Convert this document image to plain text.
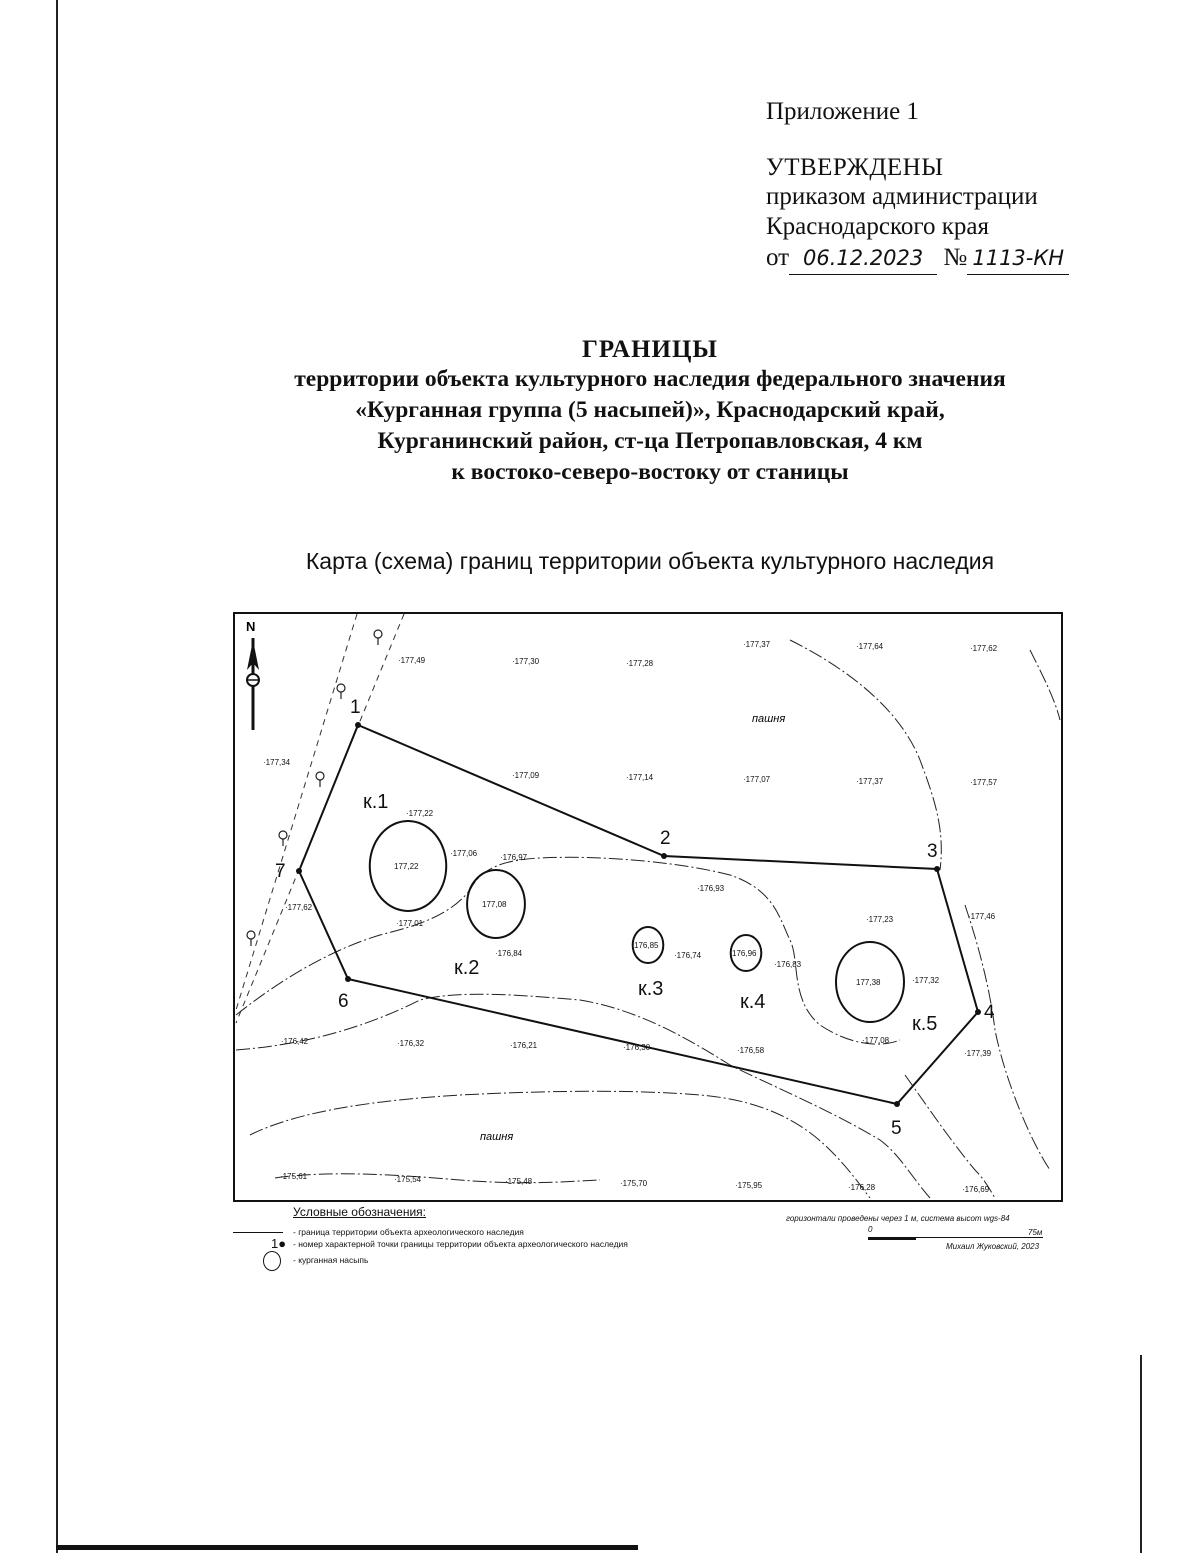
Приложение 1
УТВЕРЖДЕНЫ
приказом администрации
Краснодарского края
от 06.12.2023 № 1113-КН
ГРАНИЦЫ
территории объекта культурного наследия федерального значения
«Курганная группа (5 насыпей)», Краснодарский край,
Курганинский район, ст-ца Петропавловская, 4 км
к востоко-северо-востоку от станицы
Карта (схема) границ территории объекта культурного наследия
1
2
3
4
5
6
7	177,22
к.1
177,08
к.2
176,85
к.3
176,96
к.4
177,38
к.5
·177,49	·177,30	·177,28
·177,37	·177,64	·177,62
·177,34
·177,09	·177,14	·177,07	·177,37	·177,57
·177,22
·177,06	·176,97
·176,93
·177,62
·177,01
·176,84	·176,74
·176,83
·177,23	·177,46
·177,32
·177,08
·177,39
·176,42	·176,32	·176,21	·176,30	·176,58
·175,61	·175,54	·175,48	·175,70	·175,95	·176,28	·176,69
N
пашня
пашня
Условные обозначения:
- граница территории объекта археологического наследия
1● - номер характерной точки границы территории объекта археологического наследия
- курганная насыпь
горизонтали проведены через 1 м, система высот wgs-84
0	75м
Михаил Жуковский, 2023
